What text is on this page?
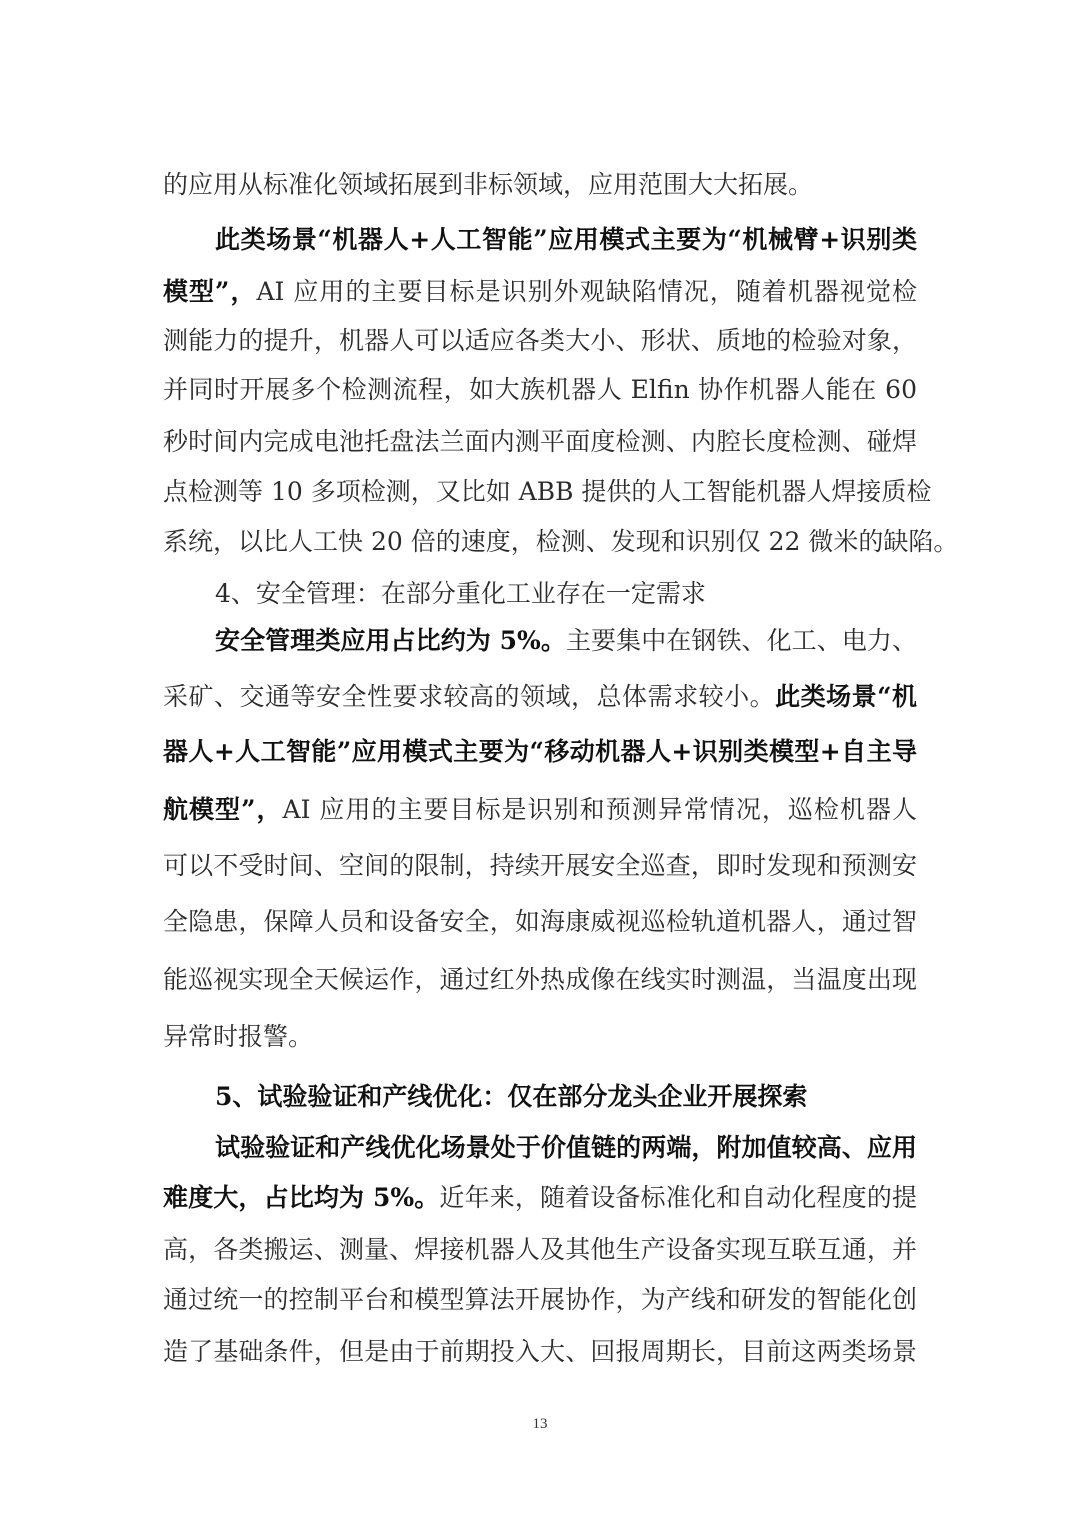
的应用从标准化领域拓展到非标领域，应用范围大大拓展。
此类场景“机器人+人工智能”应用模式主要为“机械臂+识别类
模型”，AI 应用的主要目标是识别外观缺陷情况，随着机器视觉检
测能力的提升，机器人可以适应各类大小、形状、质地的检验对象，
并同时开展多个检测流程，如大族机器人 Elfin 协作机器人能在 60
秒时间内完成电池托盘法兰面内测平面度检测、内腔长度检测、碰焊
点检测等 10 多项检测，又比如 ABB 提供的人工智能机器人焊接质检
系统，以比人工快 20 倍的速度，检测、发现和识别仅 22 微米的缺陷。
4、安全管理：在部分重化工业存在一定需求
安全管理类应用占比约为 5%。主要集中在钢铁、化工、电力、
采矿、交通等安全性要求较高的领域，总体需求较小。此类场景“机
器人+人工智能”应用模式主要为“移动机器人+识别类模型+自主导
航模型”，AI 应用的主要目标是识别和预测异常情况，巡检机器人
可以不受时间、空间的限制，持续开展安全巡查，即时发现和预测安
全隐患，保障人员和设备安全，如海康威视巡检轨道机器人，通过智
能巡视实现全天候运作，通过红外热成像在线实时测温，当温度出现
异常时报警。
5、试验验证和产线优化：仅在部分龙头企业开展探索
试验验证和产线优化场景处于价值链的两端，附加值较高、应用
难度大，占比均为 5%。近年来，随着设备标准化和自动化程度的提
高，各类搬运、测量、焊接机器人及其他生产设备实现互联互通，并
通过统一的控制平台和模型算法开展协作，为产线和研发的智能化创
造了基础条件，但是由于前期投入大、回报周期长，目前这两类场景
13
